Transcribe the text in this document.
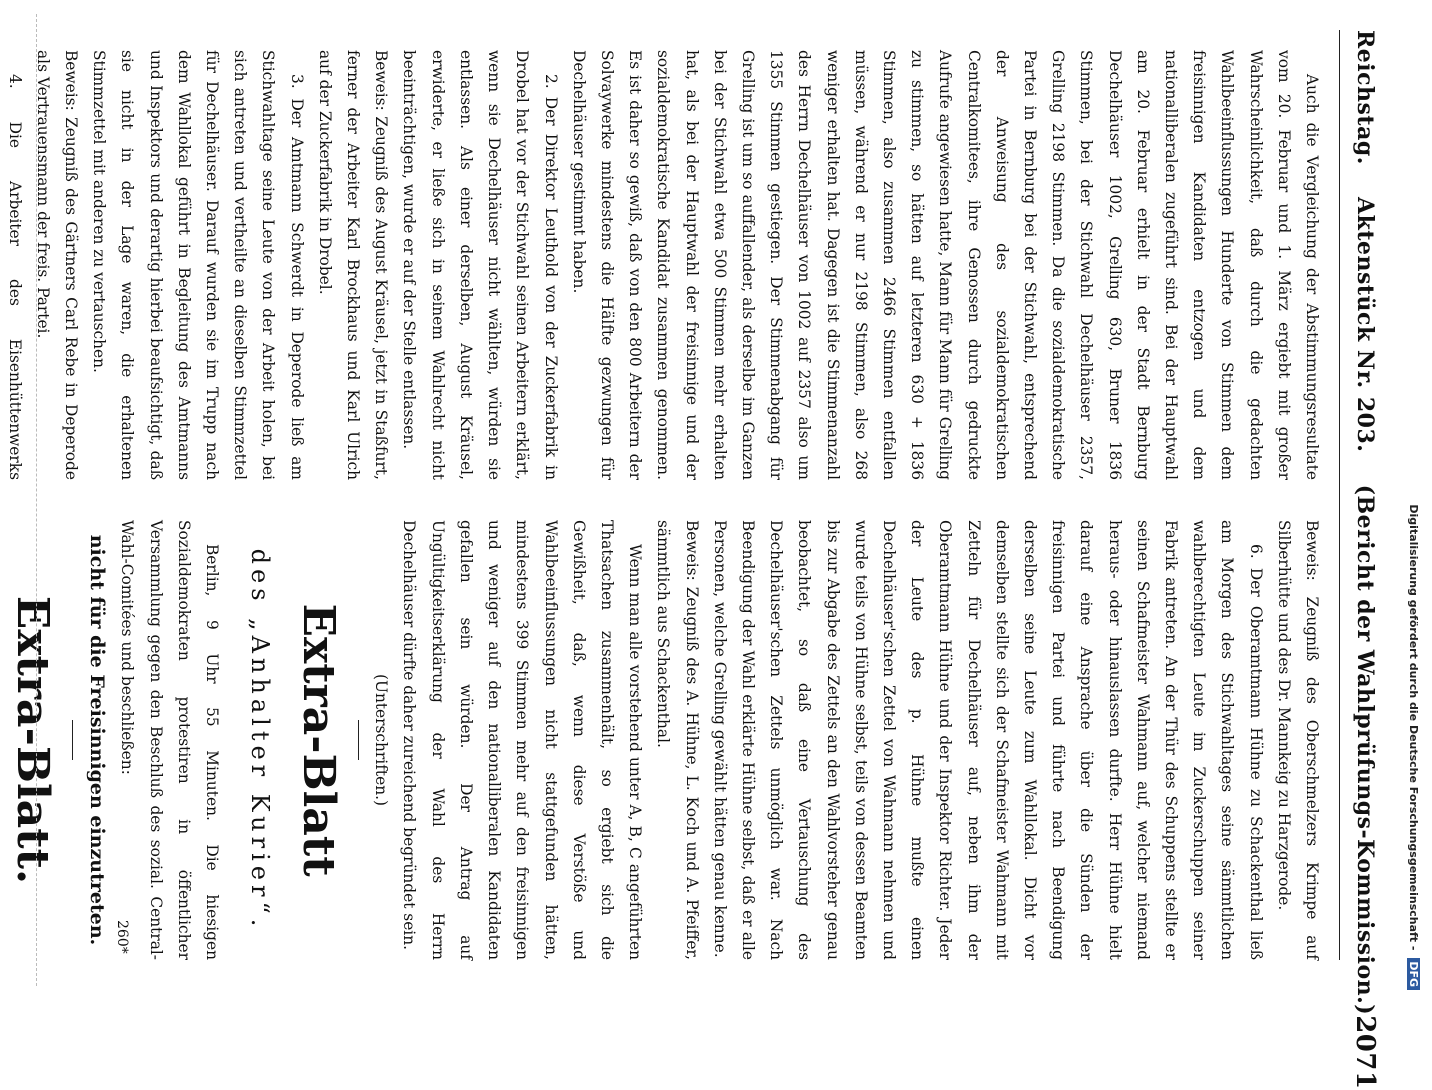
Reichstag. Aktenstück Nr. 203. (Bericht der Wahlprüfungs-Kommission.)
2071

Auch die Vergleichung der Abstimmungsresultate vom 20. Februar und 1. März ergiebt mit großer Wahrscheinlichkeit, daß durch die gedachten Wahlbeeinflussungen Hunderte von Stimmen dem freisinnigen Kandidaten entzogen und dem nationalliberalen zugeführt sind. Bei der Hauptwahl am 20. Februar erhielt in der Stadt Bernburg Dechelhäuser 1002, Grelling 630, Bruner 1836 Stimmen, bei der Stichwahl Dechelhäuser 2357, Grelling 2198 Stimmen. Da die sozialdemokratische Partei in Bernburg bei der Stichwahl, entsprechend der Anweisung des sozialdemokratischen Centralkomitees, ihre Genossen durch gedruckte Aufrufe angewiesen hatte, Mann für Mann für Grelling zu stimmen, so hätten auf letzteren 630 + 1836 Stimmen, also zusammen 2466 Stimmen entfallen müssen, während er nur 2198 Stimmen, also 268 weniger erhalten hat. Dagegen ist die Stimmenanzahl des Herrn Dechelhäuser von 1002 auf 2357 also um 1355 Stimmen gestiegen. Der Stimmenabgang für Grelling ist um so auffallender, als derselbe im Ganzen bei der Stichwahl etwa 500 Stimmen mehr erhalten hat, als bei der Hauptwahl der freisinnige und der sozialdemokratische Kandidat zusammen genommen. Es ist daher so gewiß, daß von den 800 Arbeitern der Solvaywerke mindestens die Hälfte gezwungen für Dechelhäuser gestimmt haben.

2. Der Direktor Leuthold von der Zuckerfabrik in Drobel hat vor der Stichwahl seinen Arbeitern erklärt, wenn sie Dechelhäuser nicht wählten, würden sie entlassen. Als einer derselben, August Kräusel, erwiderte, er ließe sich in seinem Wahlrecht nicht beeinträchtigen, wurde er auf der Stelle entlassen.

Beweis: Zeugniß des August Kräusel, jetzt in Staßfurt, ferner der Arbeiter Karl Brockhaus und Karl Ulrich auf der Zuckerfabrik in Drobel.

3. Der Amtmann Schwerdt in Deperode ließ am Stichwahltage seine Leute von der Arbeit holen, bei sich antreten und vertheilte an dieselben Stimmzettel für Dechelhäuser. Darauf wurden sie im Trupp nach dem Wahllokal geführt in Begleitung des Amtmanns und Inspektors und derartig hierbei beaufsichtigt, daß sie nicht in der Lage waren, die erhaltenen Stimmzettel mit anderen zu vertauschen.

Beweis: Zeugniß des Gärtners Carl Rebe in Deperode als Vertrauensmann der freis. Partei.

4. Die Arbeiter des Eisenhüttenwerks

Beweis: Zeugniß des Oberschmelzers Krimpe auf Silberhütte und des Dr. Mannkeig zu Harzgerode.

6. Der Oberamtmann Hühne zu Schackenthal ließ am Morgen des Stichwahltages seine sämmtlichen wahlberechtigten Leute im Zuckerschuppen seiner Fabrik antreten. An der Thür des Schuppens stellte er seinen Schafmeister Wahmann auf, welcher niemand heraus- oder hinauslassen durfte. Herr Hühne hielt darauf eine Ansprache über die Sünden der freisinnigen Partei und führte nach Beendigung derselben seine Leute zum Wahllokal. Dicht vor demselben stellte sich der Schafmeister Wahmann mit Zetteln für Dechelhäuser auf, neben ihm der Oberamtmann Hühne und der Inspektor Richter. Jeder der Leute des p. Hühne mußte einen Dechelhäuser'schen Zettel von Wahmann nehmen und wurde teils von Hühne selbst, teils von dessen Beamten bis zur Abgabe des Zettels an den Wahlvorsteher genau beobachtet, so daß eine Vertauschung des Dechelhäuser'schen Zettels unmöglich war. Nach Beendigung der Wahl erklärte Hühne selbst, daß er alle Personen, welche Grelling gewählt hätten genau kenne.

Beweis: Zeugniß des A. Hühne, L. Koch und A. Pfeiffer, sämmtlich aus Schackenthal.

Wenn man alle vorstehend unter A, B, C angeführten Thatsachen zusammenhält, so ergiebt sich die Gewißheit, daß, wenn diese Verstöße und Wahlbeeinflussungen nicht stattgefunden hätten, mindestens 399 Stimmen mehr auf den freisinnigen und weniger auf den nationalliberalen Kandidaten gefallen sein würden. Der Antrag auf Ungültigkeitserklärung der Wahl des Herrn Dechelhäuser dürfte daher zureichend begründet sein.

(Unterschriften.)

Extra-Blatt
des „Anhalter Kurier“.

Berlin, 9 Uhr 55 Minuten. Die hiesigen Sozialdemokraten protestiren in öffentlicher Versammlung gegen den Beschluß des sozial. Central-Wahl-Comitées und beschließen:

nicht für die Freisinnigen einzutreten.

Extra-Blatt.

260*	Digitalisierung gefördert durch die Deutsche Forschungsgemeinschaft - DFG
